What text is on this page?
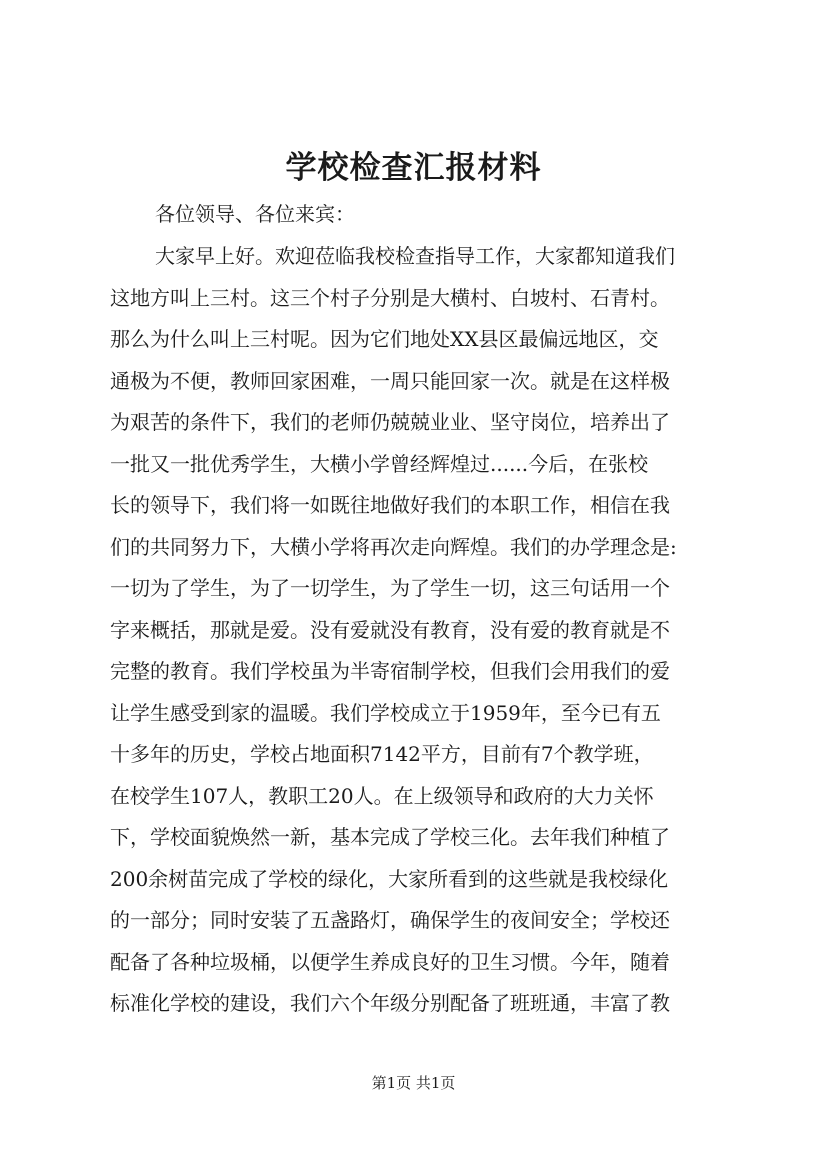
学校检查汇报材料
各位领导、各位来宾：
大家早上好。欢迎莅临我校检查指导工作，大家都知道我们
这地方叫上三村。这三个村子分别是大横村、白坡村、石青村。
那么为什么叫上三村呢。因为它们地处XX县区最偏远地区，交
通极为不便，教师回家困难，一周只能回家一次。就是在这样极
为艰苦的条件下，我们的老师仍兢兢业业、坚守岗位，培养出了
一批又一批优秀学生，大横小学曾经辉煌过......今后，在张校
长的领导下，我们将一如既往地做好我们的本职工作，相信在我
们的共同努力下，大横小学将再次走向辉煌。我们的办学理念是:
一切为了学生，为了一切学生，为了学生一切，这三句话用一个
字来概括，那就是爱。没有爱就没有教育，没有爱的教育就是不
完整的教育。我们学校虽为半寄宿制学校，但我们会用我们的爱
让学生感受到家的温暖。我们学校成立于1959年，至今已有五
十多年的历史，学校占地面积7142平方，目前有7个教学班，
在校学生107人，教职工20人。在上级领导和政府的大力关怀
下，学校面貌焕然一新，基本完成了学校三化。去年我们种植了
200余树苗完成了学校的绿化，大家所看到的这些就是我校绿化
的一部分；同时安装了五盏路灯，确保学生的夜间安全；学校还
配备了各种垃圾桶，以便学生养成良好的卫生习惯。今年，随着
标准化学校的建设，我们六个年级分别配备了班班通，丰富了教
第1页 共1页
